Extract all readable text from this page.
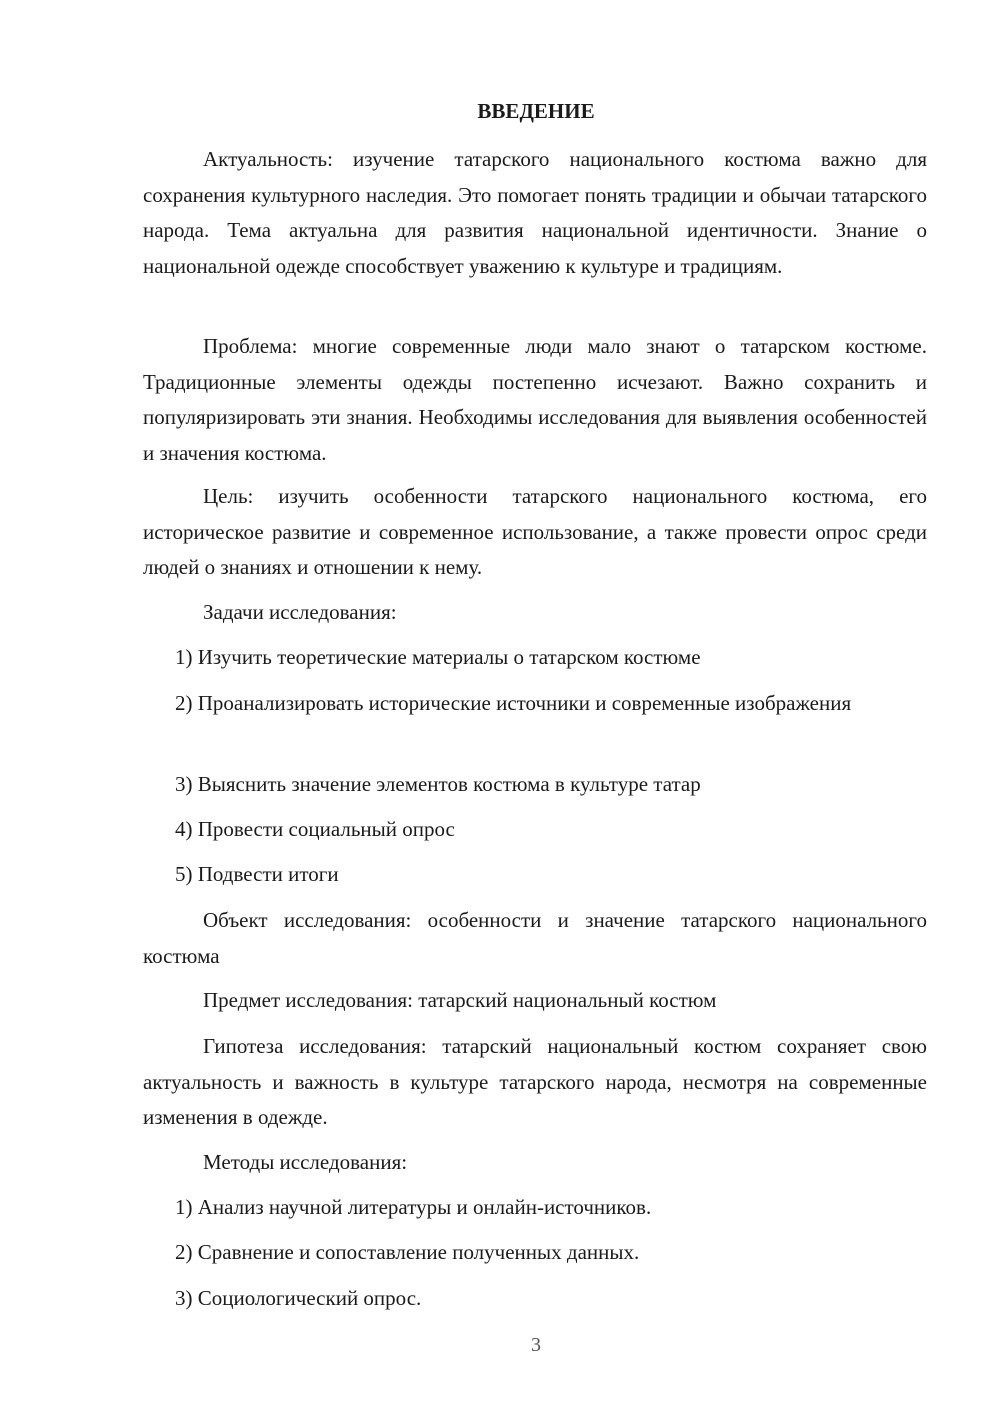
ВВЕДЕНИЕ

Актуальность: изучение татарского национального костюма важно для сохранения культурного наследия. Это помогает понять традиции и обычаи татарского народа. Тема актуальна для развития национальной идентичности. Знание о национальной одежде способствует уважению к культуре и традициям.

Проблема: многие современные люди мало знают о татарском костюме. Традиционные элементы одежды постепенно исчезают. Важно сохранить и популяризировать эти знания. Необходимы исследования для выявления особенностей и значения костюма.

Цель: изучить особенности татарского национального костюма, его историческое развитие и современное использование, а также провести опрос среди людей о знаниях и отношении к нему.

Задачи исследования:

1) Изучить теоретические материалы о татарском костюме

2) Проанализировать исторические источники и современные изображения

3) Выяснить значение элементов костюма в культуре татар

4) Провести социальный опрос

5) Подвести итоги

Объект исследования: особенности и значение татарского национального костюма

Предмет исследования: татарский национальный костюм

Гипотеза исследования: татарский национальный костюм сохраняет свою актуальность и важность в культуре татарского народа, несмотря на современные изменения в одежде.

Методы исследования:

1) Анализ научной литературы и онлайн-источников.

2) Сравнение и сопоставление полученных данных.

3) Социологический опрос.

3
